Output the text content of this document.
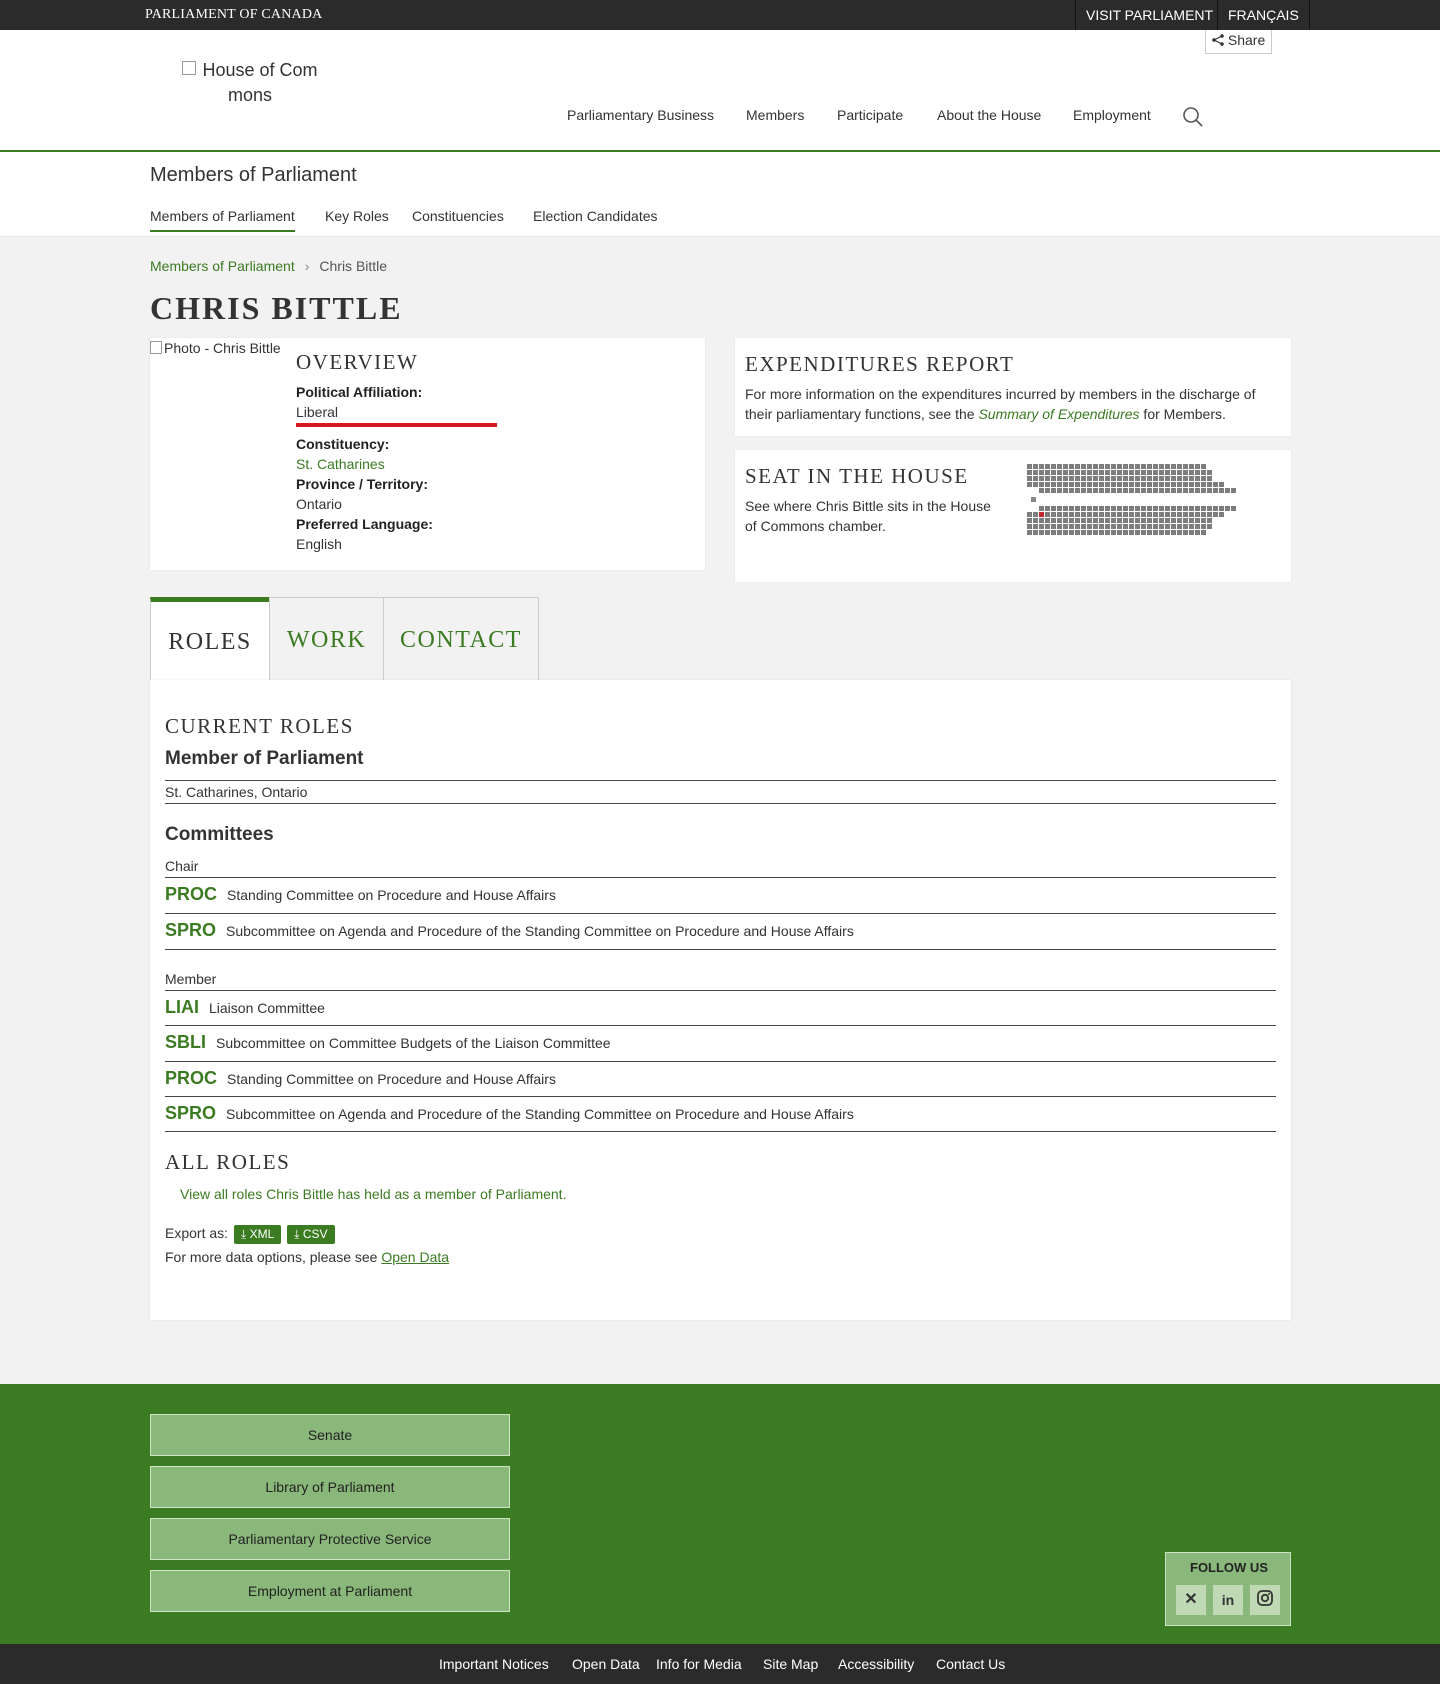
PARLIAMENT OF CANADA	VISIT PARLIAMENT	FRANÇAIS
House of Com
mons
Share
Parliamentary Business Members Participate About the House Employment
Members of Parliament
Members of Parliament Key Roles Constituencies Election Candidates
Members of Parliament › Chris Bittle
CHRIS BITTLE
Photo - Chris Bittle
OVERVIEW
Political Affiliation:
Liberal
Constituency:
St. Catharines
Province / Territory:
Ontario
Preferred Language:
English
EXPENDITURES REPORT
For more information on the expenditures incurred by members in the discharge of their parliamentary functions, see the Summary of Expenditures for Members.
SEAT IN THE HOUSE
See where Chris Bittle sits in the House of Commons chamber.
ROLES	WORK	CONTACT
CURRENT ROLES
Member of Parliament
St. Catharines, Ontario
Committees
Chair
PROC Standing Committee on Procedure and House Affairs
SPRO Subcommittee on Agenda and Procedure of the Standing Committee on Procedure and House Affairs
Member
LIAI Liaison Committee
SBLI Subcommittee on Committee Budgets of the Liaison Committee
PROC Standing Committee on Procedure and House Affairs
SPRO Subcommittee on Agenda and Procedure of the Standing Committee on Procedure and House Affairs
ALL ROLES
View all roles Chris Bittle has held as a member of Parliament.
Export as: ⤓ XML ⤓ CSV
For more data options, please see Open Data
Senate
Library of Parliament
Parliamentary Protective Service
Employment at Parliament
FOLLOW US
✕	in
Important Notices Open Data Info for Media Site Map Accessibility Contact Us
